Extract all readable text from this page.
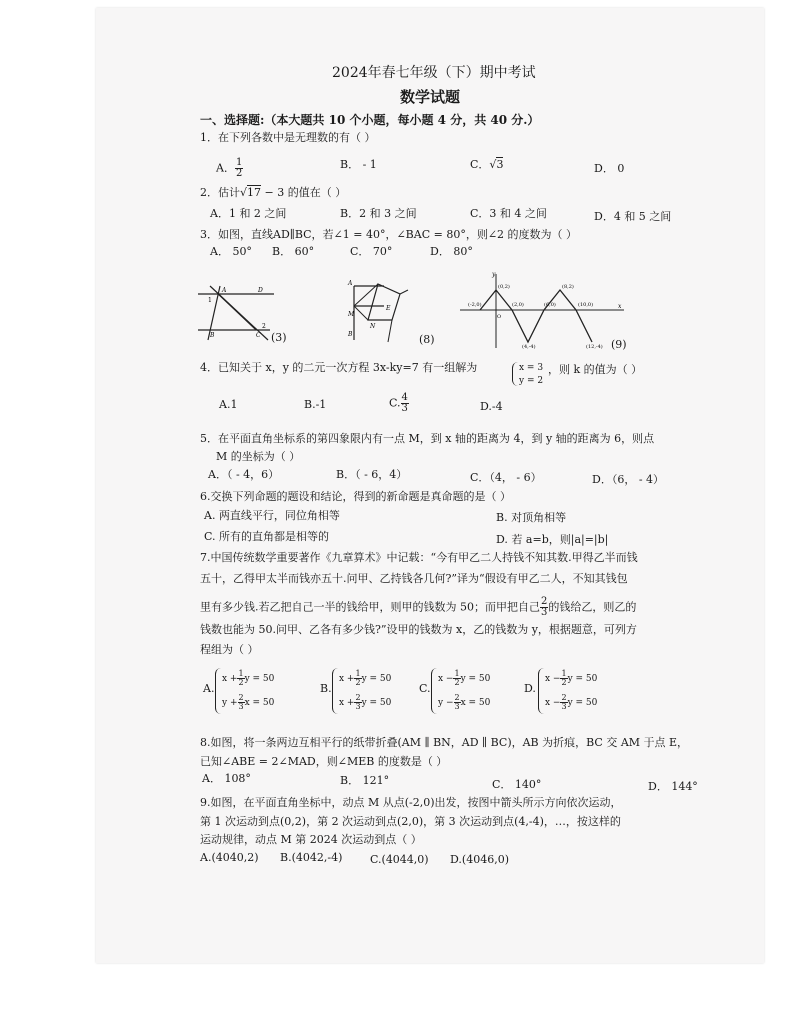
2024年春七年级（下）期中考试
数学试题
一、选择题:（本大题共 10 个小题，每小题 4 分，共 40 分.）
1．在下列各数中是无理数的有（ ）
A． $\frac{1}{2}$	B． - 1	C．√3	D． 0
2．估计√17 − 3 的值在（ ）
A．1 和 2 之间	B．2 和 3 之间	C．3 和 4 之间	D．4 和 5 之间
3．如图，直线AD∥BC，若∠1 = 40°，∠BAC = 80°，则∠2 的度数为（ ）
A． 50° B． 60°	C． 70°	D． 80°
A	D
B	C
1
2
(3)
A
M
B
E
N
(8)
y
x
O
(-2,0)
(0,2)
(2,0)
(4,-4)
(6,0)
(8,2)
(10,0)
(12,-4) (9)
4．已知关于 x，y 的二元一次方程 3x-ky=7 有一组解为	x = 3
y = 2
，则 k 的值为（ ）
A.1	B.-1	C. $\frac{4}{3}$	D.-4
5．在平面直角坐标系的第四象限内有一点 M，到 x 轴的距离为 4，到 y 轴的距离为 6，则点
M 的坐标为（ ）
A．（ - 4，6）	B．（ - 6，4）	C．（4， - 6）	D．（6， - 4）
6.交换下列命题的题设和结论，得到的新命题是真命题的是（ ）
A. 两直线平行，同位角相等	B. 对顶角相等
C. 所有的直角都是相等的	D. 若 a=b，则|a|=|b|
7.中国传统数学重要著作《九章算术》中记载：“今有甲乙二人持钱不知其数.甲得乙半而钱
五十，乙得甲太半而钱亦五十.问甲、乙持钱各几何?”译为“假设有甲乙二人，不知其钱包
里有多少钱.若乙把自己一半的钱给甲，则甲的钱数为 50；而甲把自己 $\frac{2}{3}$ 的钱给乙，则乙的
钱数也能为 50.问甲、乙各有多少钱?”设甲的钱数为 x，乙的钱数为 y，根据题意，可列方
程组为（ ）
A.
$x + \frac{1}{2}$ y = 50
$y + \frac{2}{3}$ x = 50
B.
$x + \frac{1}{2}$ y = 50
$x + \frac{2}{3}$ y = 50
C.
$x - \frac{1}{2}$ y = 50
$y - \frac{2}{3}$ x = 50
D.
$x - \frac{1}{2}$ y = 50
$x - \frac{2}{3}$ y = 50
8.如图，将一条两边互相平行的纸带折叠(AM ∥ BN，AD ∥ BC)，AB 为折痕，BC 交 AM 于点 E，
已知∠ABE = 2∠MAD，则∠MEB 的度数是（ ）
A． 108°	B． 121°	C． 140°	D． 144°
9.如图，在平面直角坐标中，动点 M 从点(-2,0)出发，按图中箭头所示方向依次运动，
第 1 次运动到点(0,2)，第 2 次运动到点(2,0)，第 3 次运动到点(4,-4)，…，按这样的
运动规律，动点 M 第 2024 次运动到点（ ）
A.(4040,2) B.(4042,-4)	C.(4044,0) D.(4046,0)
